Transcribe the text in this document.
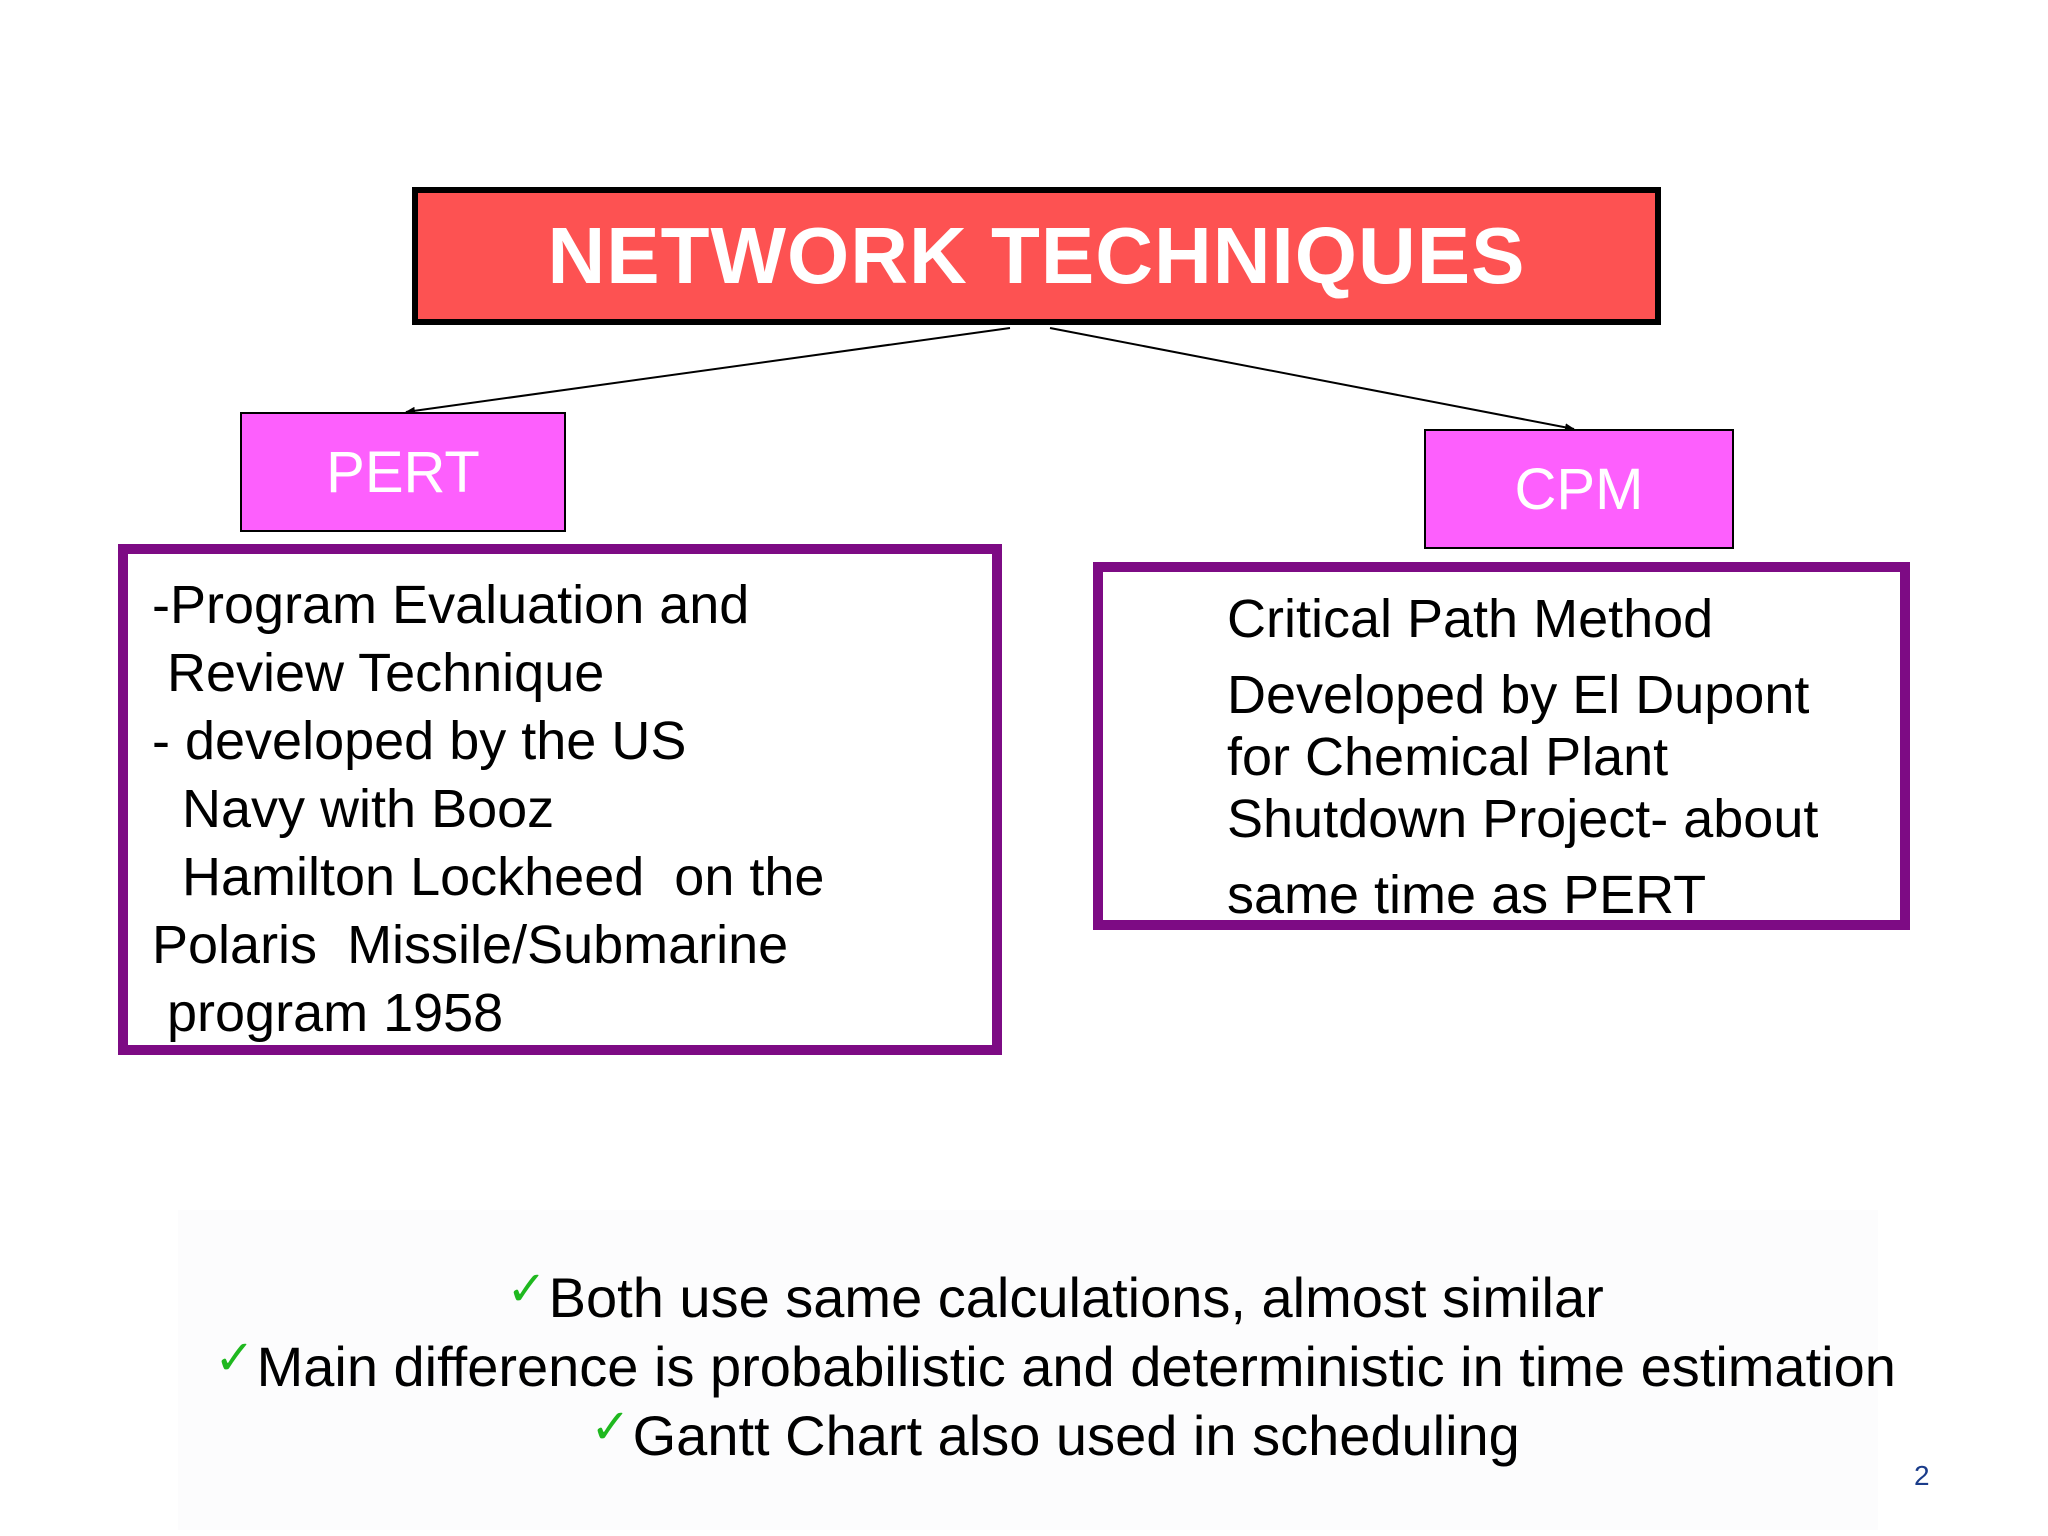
NETWORK TECHNIQUES
PERT	CPM
-Program Evaluation and
Review Technique
- developed by the US
Navy with Booz
Hamilton Lockheed  on the
Polaris  Missile/Submarine
program 1958
Critical Path Method
Developed by El Dupont
for Chemical Plant
Shutdown Project- about
same time as PERT

✓Both use same calculations, almost similar

✓Main difference is probabilistic and deterministic in time estimation

✓Gantt Chart also used in scheduling

2
